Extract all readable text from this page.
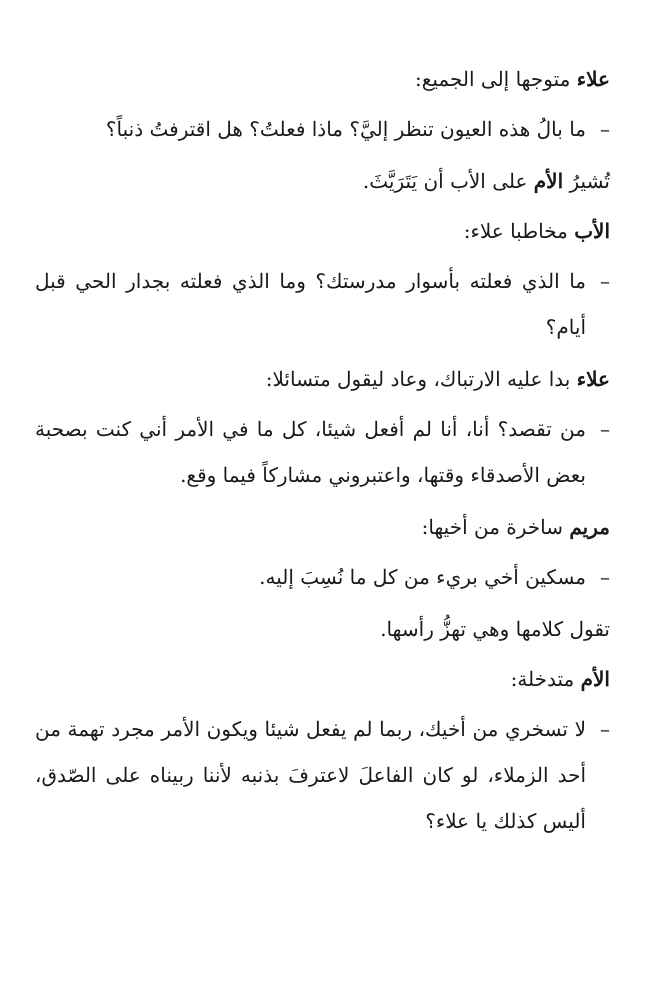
علاء متوجها إلى الجميع:

–
ما بالُ هذه العيون تنظر إليَّ؟ ماذا فعلتُ؟ هل اقترفتُ ذنباً؟

تُشيرُ الأم على الأب أن يَتَرَيَّثَ.

الأب مخاطبا علاء:

–
ما الذي فعلته بأسوار مدرستك؟ وما الذي فعلته بجدار الحي قبل أيام؟

علاء بدا عليه الارتباك، وعاد ليقول متسائلا:

–
من تقصد؟ أنا، أنا لم أفعل شيئا، كل ما في الأمر أني كنت بصحبة بعض الأصدقاء وقتها، واعتبروني مشاركاً فيما وقع.

مريم ساخرة من أخيها:

–
مسكين أخي بريء من كل ما نُسِبَ إليه.

تقول كلامها وهي تهزُّ رأسها.

الأم متدخلة:

–
لا تسخري من أخيك، ربما لم يفعل شيئا ويكون الأمر مجرد تهمة من أحد الزملاء، لو كان الفاعلَ لاعترفَ بذنبه لأننا ربيناه على الصّدق، أليس كذلك يا علاء؟
